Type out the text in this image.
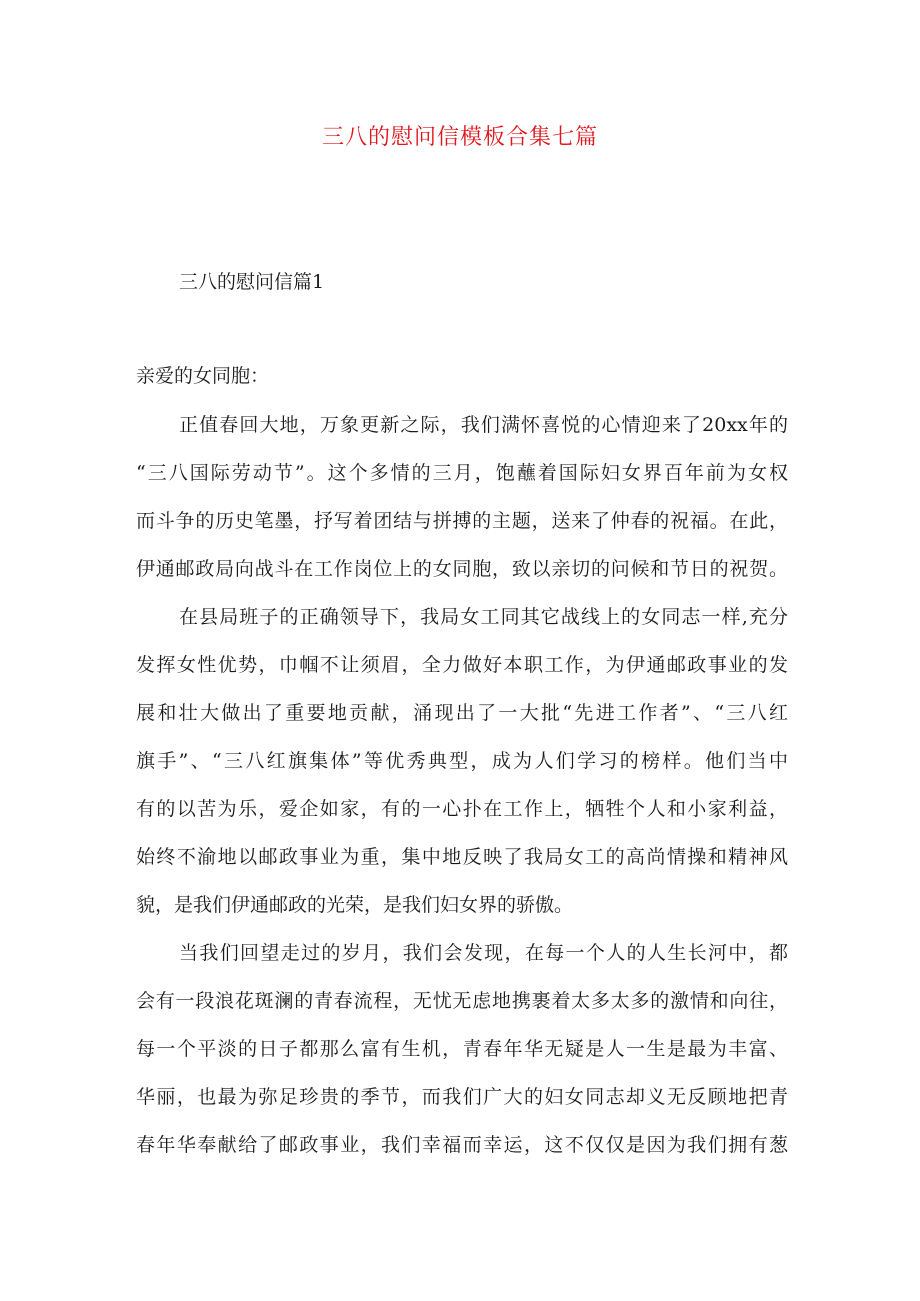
三八的慰问信模板合集七篇
三八的慰问信篇1
亲爱的女同胞：
正值春回大地，万象更新之际，我们满怀喜悦的心情迎来了20xx年的
“三八国际劳动节”。这个多情的三月，饱蘸着国际妇女界百年前为女权
而斗争的历史笔墨，抒写着团结与拼搏的主题，送来了仲春的祝福。在此，
伊通邮政局向战斗在工作岗位上的女同胞，致以亲切的问候和节日的祝贺。
在县局班子的正确领导下，我局女工同其它战线上的女同志一样,充分
发挥女性优势，巾帼不让须眉，全力做好本职工作，为伊通邮政事业的发
展和壮大做出了重要地贡献，涌现出了一大批“先进工作者”、“三八红
旗手”、“三八红旗集体”等优秀典型，成为人们学习的榜样。他们当中
有的以苦为乐，爱企如家，有的一心扑在工作上，牺牲个人和小家利益，
始终不渝地以邮政事业为重，集中地反映了我局女工的高尚情操和精神风
貌，是我们伊通邮政的光荣，是我们妇女界的骄傲。
当我们回望走过的岁月，我们会发现，在每一个人的人生长河中，都
会有一段浪花斑澜的青春流程，无忧无虑地携裹着太多太多的激情和向往，
每一个平淡的日子都那么富有生机，青春年华无疑是人一生是最为丰富、
华丽，也最为弥足珍贵的季节，而我们广大的妇女同志却义无反顾地把青
春年华奉献给了邮政事业，我们幸福而幸运，这不仅仅是因为我们拥有葱
